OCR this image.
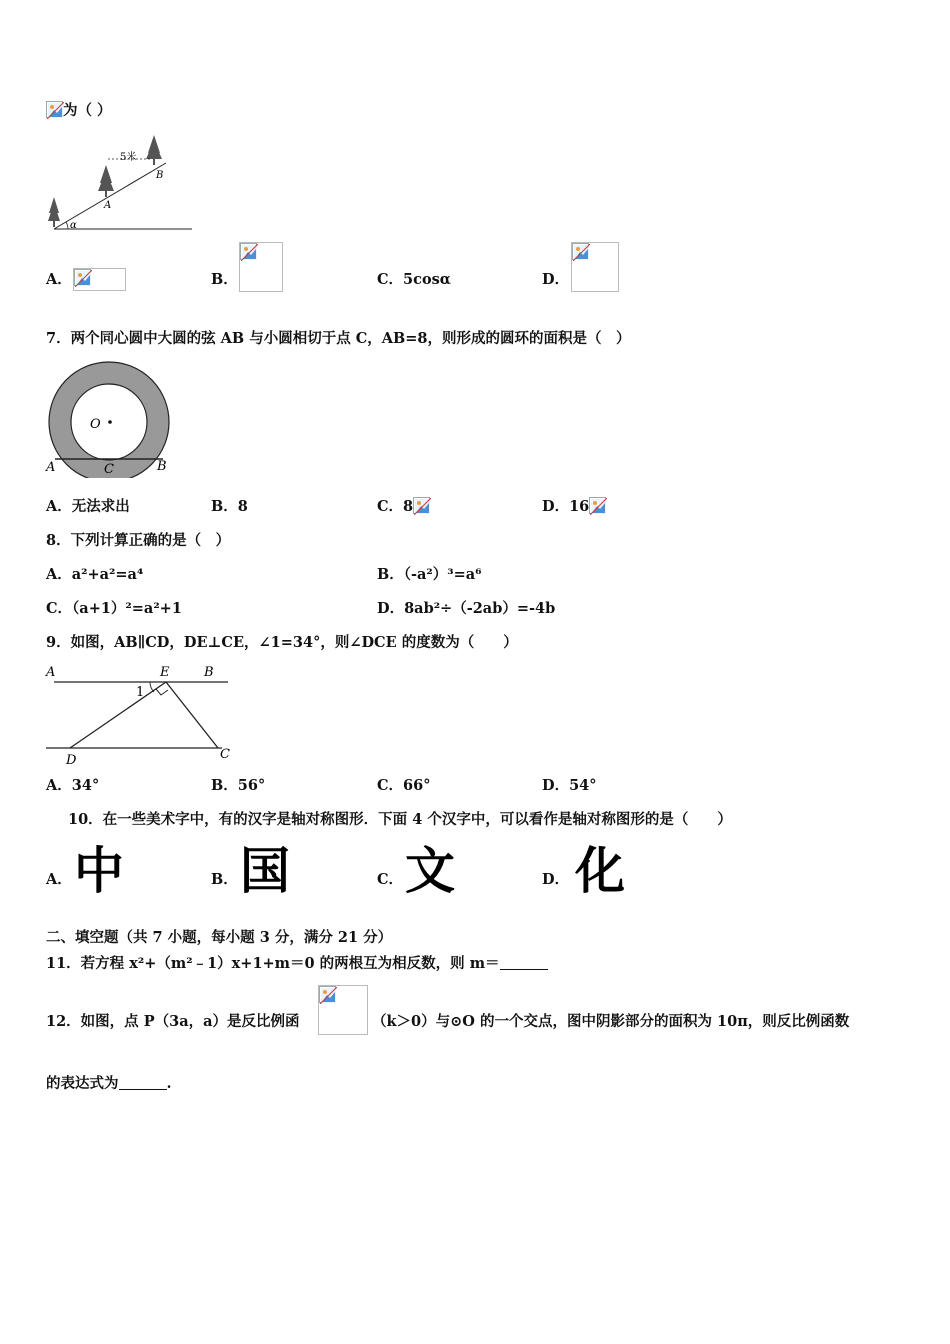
为（ ）
5米
A
B
α
A．	B．	C．5cosα	D．
7．两个同心圆中大圆的弦 AB 与小圆相切于点 C，AB=8，则形成的圆环的面积是（　）
O
A	C	B
A．无法求出	B．8	C．8	D．16
8．下列计算正确的是（　）
A．a²+a²=a⁴	B．（-a²）³=a⁶
C．（a+1）²=a²+1	D．8ab²÷（-2ab）=-4b
9．如图，AB∥CD，DE⊥CE，∠1=34°，则∠DCE 的度数为（　　）
A	E	B
1
D	C
A．34°	B．56°	C．66°	D．54°
10．在一些美术字中，有的汉字是轴对称图形．下面 4 个汉字中，可以看作是轴对称图形的是（　　）
A． 中	B． 国	C． 文	D． 化
二、填空题（共 7 小题，每小题 3 分，满分 21 分）
11．若方程 x²+（m²﹣1）x+1+m＝0 的两根互为相反数，则 m＝
12．如图，点 P（3a，a）是反比例函	（k＞0）与⊙O 的一个交点，图中阴影部分的面积为 10π，则反比例函数
的表达式为	.
